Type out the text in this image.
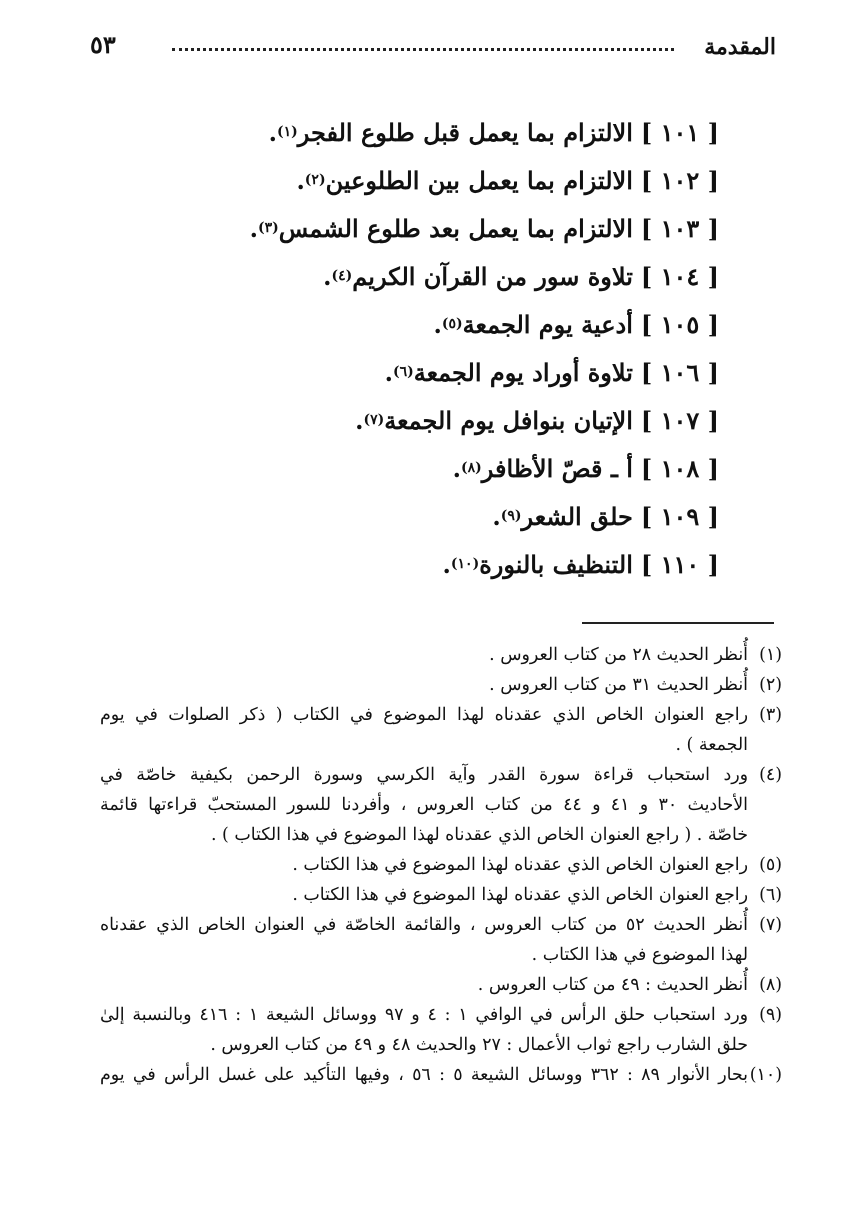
المقدمة
٥٣
[ ١٠١ ]
الالتزام بما يعمل قبل طلوع الفجر
(١)
.
[ ١٠٢ ]
الالتزام بما يعمل بين الطلوعين
(٢)
.
[ ١٠٣ ]
الالتزام بما يعمل بعد طلوع الشمس
(٣)
.
[ ١٠٤ ]
تلاوة سور من القرآن الكريم
(٤)
.
[ ١٠٥ ]
أدعية يوم الجمعة
(٥)
.
[ ١٠٦ ]
تلاوة أوراد يوم الجمعة
(٦)
.
[ ١٠٧ ]
الإتيان بنوافل يوم الجمعة
(٧)
.
[ ١٠٨ ]
أ ـ قصّ الأظافر
(٨)
.
[ ١٠٩ ]
حلق الشعر
(٩)
.
[ ١١٠ ]
التنظيف بالنورة
(١٠)
.
(١)
أُنظر الحديث ٢٨ من كتاب العروس .
(٢)
أُنظر الحديث ٣١ من كتاب العروس .
(٣)
راجع العنوان الخاص الذي عقدناه لهذا الموضوع في الكتاب ( ذكر الصلوات في يوم
الجمعة ) .
(٤)
ورد استحباب قراءة سورة القدر وآية الكرسي وسورة الرحمن بكيفية خاصّة في
الأحاديث ٣٠ و ٤١ و ٤٤ من كتاب العروس ، وأفردنا للسور المستحبّ قراءتها قائمة
خاصّة . ( راجع العنوان الخاص الذي عقدناه لهذا الموضوع في هذا الكتاب ) .
(٥)
راجع العنوان الخاص الذي عقدناه لهذا الموضوع في هذا الكتاب .
(٦)
راجع العنوان الخاص الذي عقدناه لهذا الموضوع في هذا الكتاب .
(٧)
أُنظر الحديث ٥٢ من كتاب العروس ، والقائمة الخاصّة في العنوان الخاص الذي عقدناه
لهذا الموضوع في هذا الكتاب .
(٨)
أُنظر الحديث : ٤٩ من كتاب العروس .
(٩)
ورد استحباب حلق الرأس في الوافي ١ : ٤ و ٩٧ ووسائل الشيعة ١ : ٤١٦ وبالنسبة إلىٰ
حلق الشارب راجع ثواب الأعمال : ٢٧ والحديث ٤٨ و ٤٩ من كتاب العروس .
(١٠)
بحار الأنوار ٨٩ : ٣٦٢ ووسائل الشيعة ٥ : ٥٦ ، وفيها التأكيد على غسل الرأس في يوم
